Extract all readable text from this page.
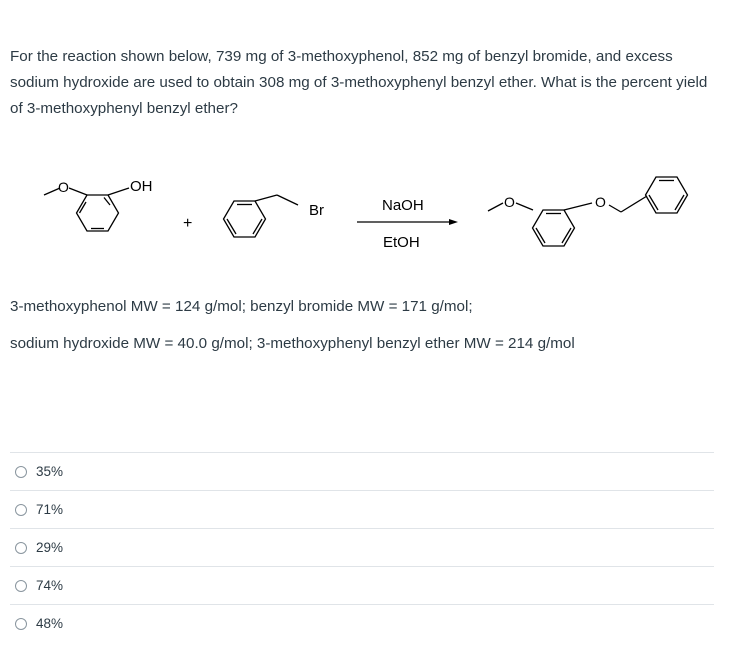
For the reaction shown below, 739 mg of 3-methoxyphenol, 852 mg of benzyl bromide, and excess sodium hydroxide are used to obtain 308 mg of 3-methoxyphenyl benzyl ether. What is the percent yield of 3-methoxyphenyl benzyl ether?

O	OH
+
Br	NaOH
EtOH
O	O

3-methoxyphenol MW = 124 g/mol; benzyl bromide MW = 171 g/mol;

sodium hydroxide MW = 40.0 g/mol; 3-methoxyphenyl benzyl ether MW = 214 g/mol

35%
71%
29%
74%
48%
